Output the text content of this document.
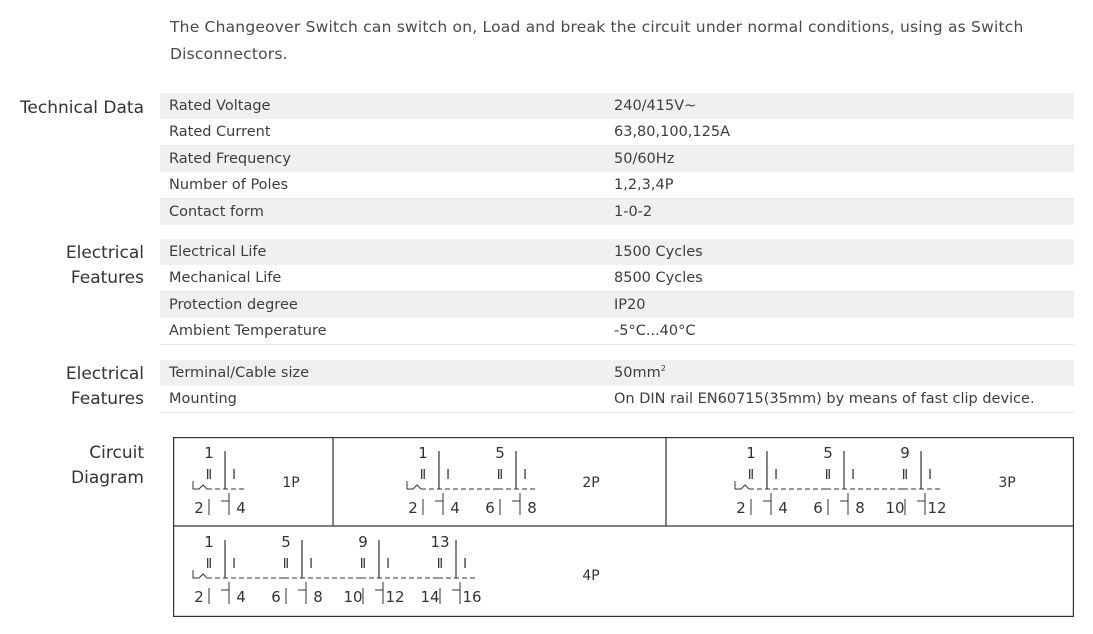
The Changeover Switch can switch on, Load and break the circuit under normal conditions, using as Switch Disconnectors.
Technical Data	Rated Voltage	240/415V~
Rated Current	63,80,100,125A
Rated Frequency	50/60Hz
Number of Poles	1,2,3,4P
Contact form	1-0-2
Electrical
Features
Electrical Life	1500 Cycles
Mechanical Life	8500 Cycles
Protection degree	IP20
Ambient Temperature	-5°C...40°C
Electrical
Features
Terminal/Cable size	$50mm^2$
Mounting	On DIN rail EN60715(35mm) by means of fast clip device.
Circuit
Diagram
1
Ⅱ I
2 4
1P
1
Ⅱ I
2 4
5
Ⅱ I
6 8
2P
1
Ⅱ I
2 4
5
Ⅱ I
6 8
9
Ⅱ I
10 12
3P
1
Ⅱ I
2 4
5
Ⅱ I
6 8
9
Ⅱ I
10 12
13
Ⅱ I
14 16
4P
